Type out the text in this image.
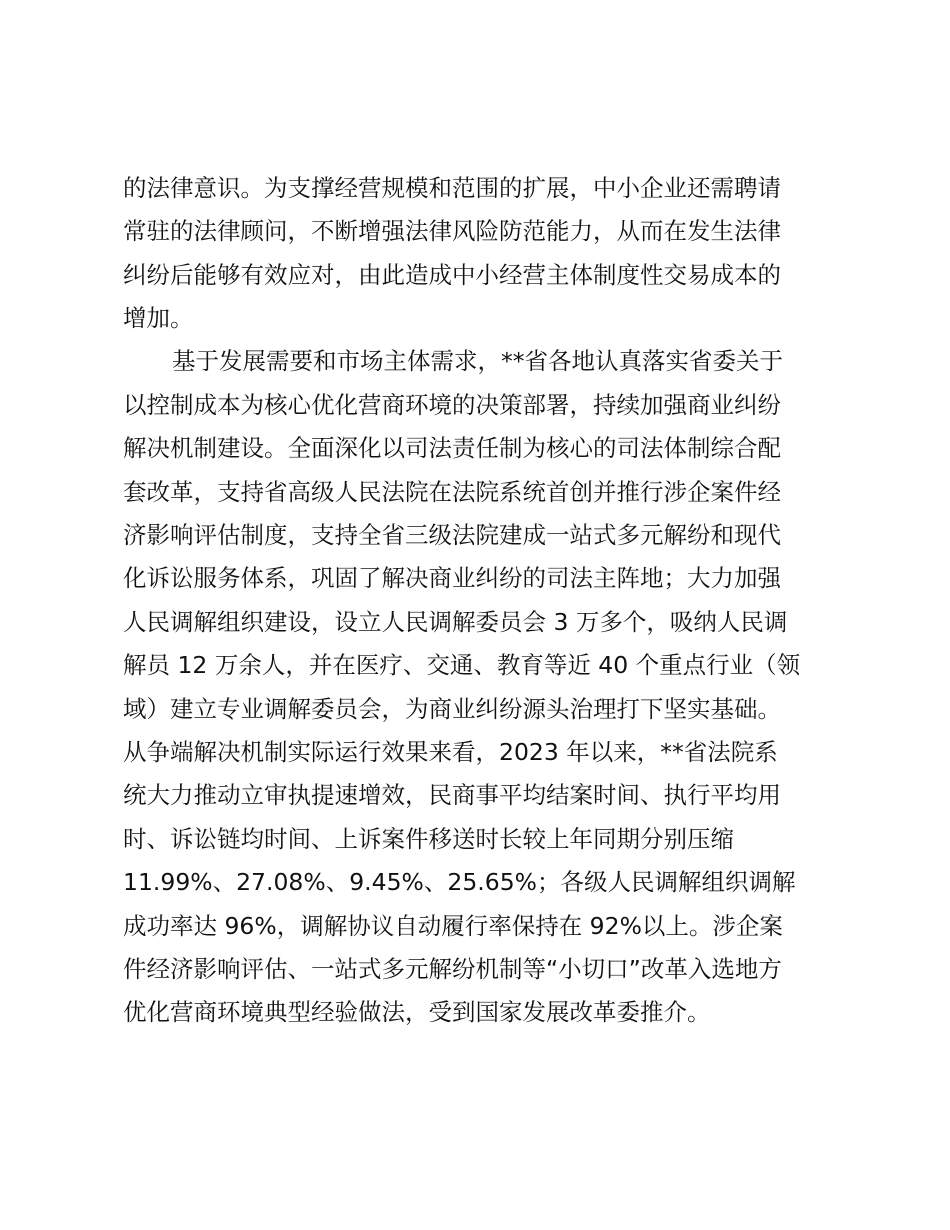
的法律意识。为支撑经营规模和范围的扩展，中小企业还需聘请
常驻的法律顾问，不断增强法律风险防范能力，从而在发生法律
纠纷后能够有效应对，由此造成中小经营主体制度性交易成本的
增加。
基于发展需要和市场主体需求，**省各地认真落实省委关于
以控制成本为核心优化营商环境的决策部署，持续加强商业纠纷
解决机制建设。全面深化以司法责任制为核心的司法体制综合配
套改革，支持省高级人民法院在法院系统首创并推行涉企案件经
济影响评估制度，支持全省三级法院建成一站式多元解纷和现代
化诉讼服务体系，巩固了解决商业纠纷的司法主阵地；大力加强
人民调解组织建设，设立人民调解委员会 3 万多个，吸纳人民调
解员 12 万余人，并在医疗、交通、教育等近 40 个重点行业（领
域）建立专业调解委员会，为商业纠纷源头治理打下坚实基础。
从争端解决机制实际运行效果来看，2023 年以来，**省法院系
统大力推动立审执提速增效，民商事平均结案时间、执行平均用
时、诉讼链均时间、上诉案件移送时长较上年同期分别压缩
11.99%、27.08%、9.45%、25.65%；各级人民调解组织调解
成功率达 96%，调解协议自动履行率保持在 92%以上。涉企案
件经济影响评估、一站式多元解纷机制等“小切口”改革入选地方
优化营商环境典型经验做法，受到国家发展改革委推介。
